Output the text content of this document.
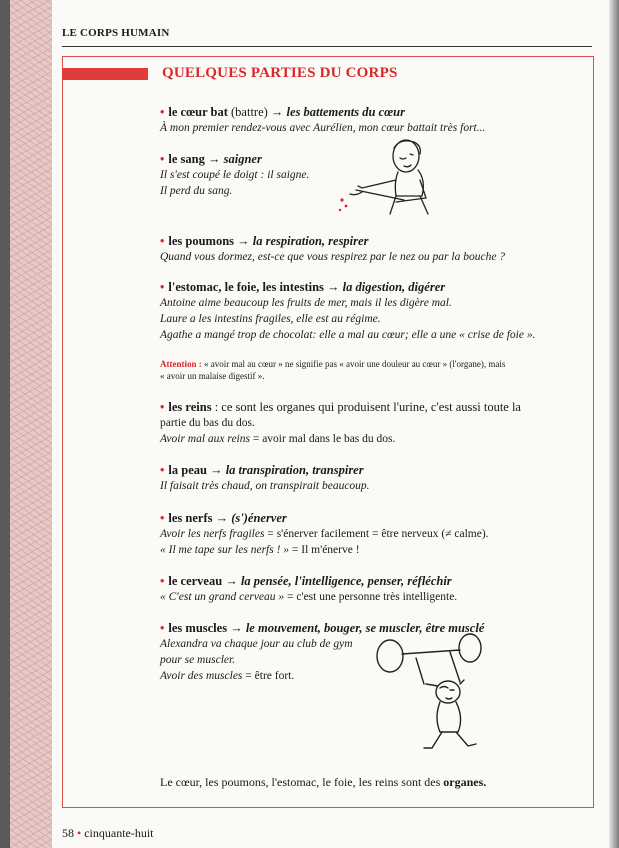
LE CORPS HUMAIN
QUELQUES PARTIES DU CORPS
• le cœur bat (battre) → les battements du cœur
À mon premier rendez-vous avec Aurélien, mon cœur battait très fort...
• le sang → saigner
Il s'est coupé le doigt : il saigne.
Il perd du sang.
• les poumons → la respiration, respirer
Quand vous dormez, est-ce que vous respirez par le nez ou par la bouche ?
• l'estomac, le foie, les intestins → la digestion, digérer
Antoine aime beaucoup les fruits de mer, mais il les digère mal.
Laure a les intestins fragiles, elle est au régime.
Agathe a mangé trop de chocolat: elle a mal au cœur; elle a une « crise de foie ».
Attention : « avoir mal au cœur » ne signifie pas « avoir une douleur au cœur » (l'organe), mais
« avoir un malaise digestif ».
• les reins : ce sont les organes qui produisent l'urine, c'est aussi toute la
partie du bas du dos.
Avoir mal aux reins = avoir mal dans le bas du dos.
• la peau → la transpiration, transpirer
Il faisait très chaud, on transpirait beaucoup.
• les nerfs → (s')énerver
Avoir les nerfs fragiles = s'énerver facilement = être nerveux (≠ calme).
« Il me tape sur les nerfs ! » = Il m'énerve !
• le cerveau → la pensée, l'intelligence, penser, réfléchir
« C'est un grand cerveau » = c'est une personne très intelligente.
• les muscles → le mouvement, bouger, se muscler, être musclé
Alexandra va chaque jour au club de gym
pour se muscler.
Avoir des muscles = être fort.
Le cœur, les poumons, l'estomac, le foie, les reins sont des organes.
58 • cinquante-huit
